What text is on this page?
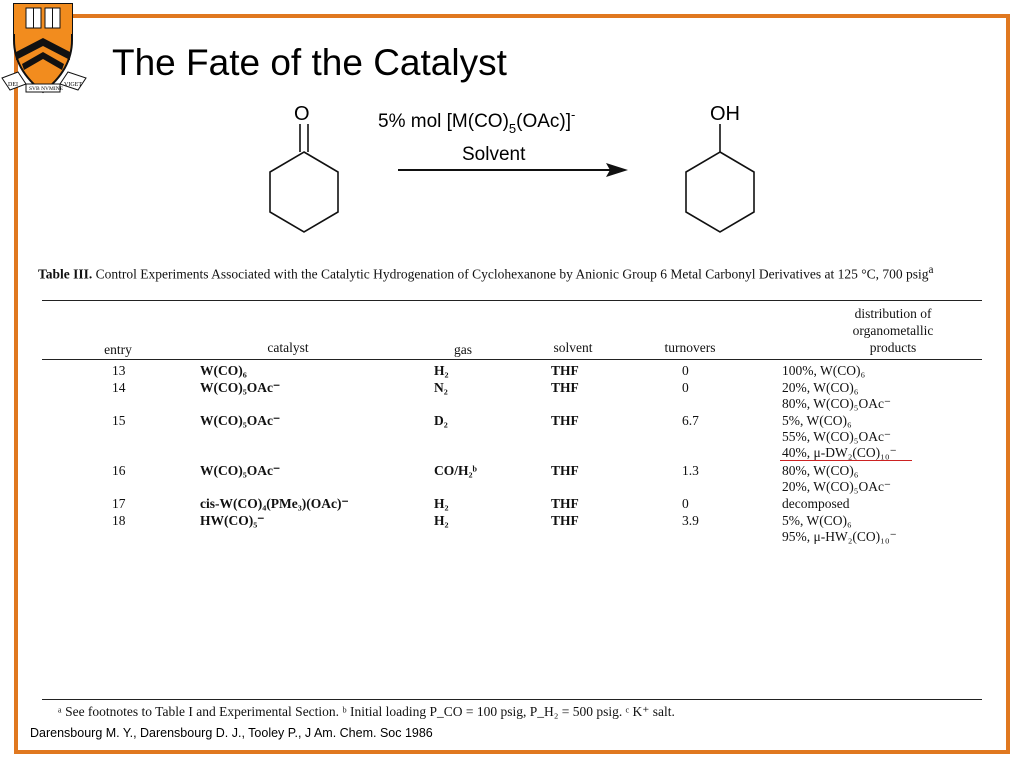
DEI
SVB NVMINE
VIGET
The Fate of the Catalyst
O	5% mol $[M(CO)_5(OAc)]^-$
Solvent
OH
Table III. Control Experiments Associated with the Catalytic Hydrogenation of Cyclohexanone by Anionic Group 6 Metal Carbonyl Derivatives at 125 °C, 700 psig$^a$
distribution of
organometallic
products
entry	catalyst	gas	solvent	turnovers
13	W(CO)₆	H₂	THF	0	100%, W(CO)₆
14	W(CO)₅OAc⁻	N₂	THF	0	20%, W(CO)₆
80%, W(CO)₅OAc⁻
15	W(CO)₅OAc⁻	D₂	THF	6.7	5%, W(CO)₆
55%, W(CO)₅OAc⁻
40%, μ-DW₂(CO)₁₀⁻
16	W(CO)₅OAc⁻	CO/H₂ᵇ	THF	1.3	80%, W(CO)₆
20%, W(CO)₅OAc⁻
17	cis-W(CO)₄(PMe₃)(OAc)⁻	H₂	THF	0	decomposed
18	HW(CO)₅⁻	H₂	THF	3.9	5%, W(CO)₆
95%, μ-HW₂(CO)₁₀⁻
ᵃ See footnotes to Table I and Experimental Section. ᵇ Initial loading P_CO = 100 psig, P_H₂ = 500 psig. ᶜ K⁺ salt.
Darensbourg M. Y., Darensbourg D. J., Tooley P., J Am. Chem. Soc 1986
